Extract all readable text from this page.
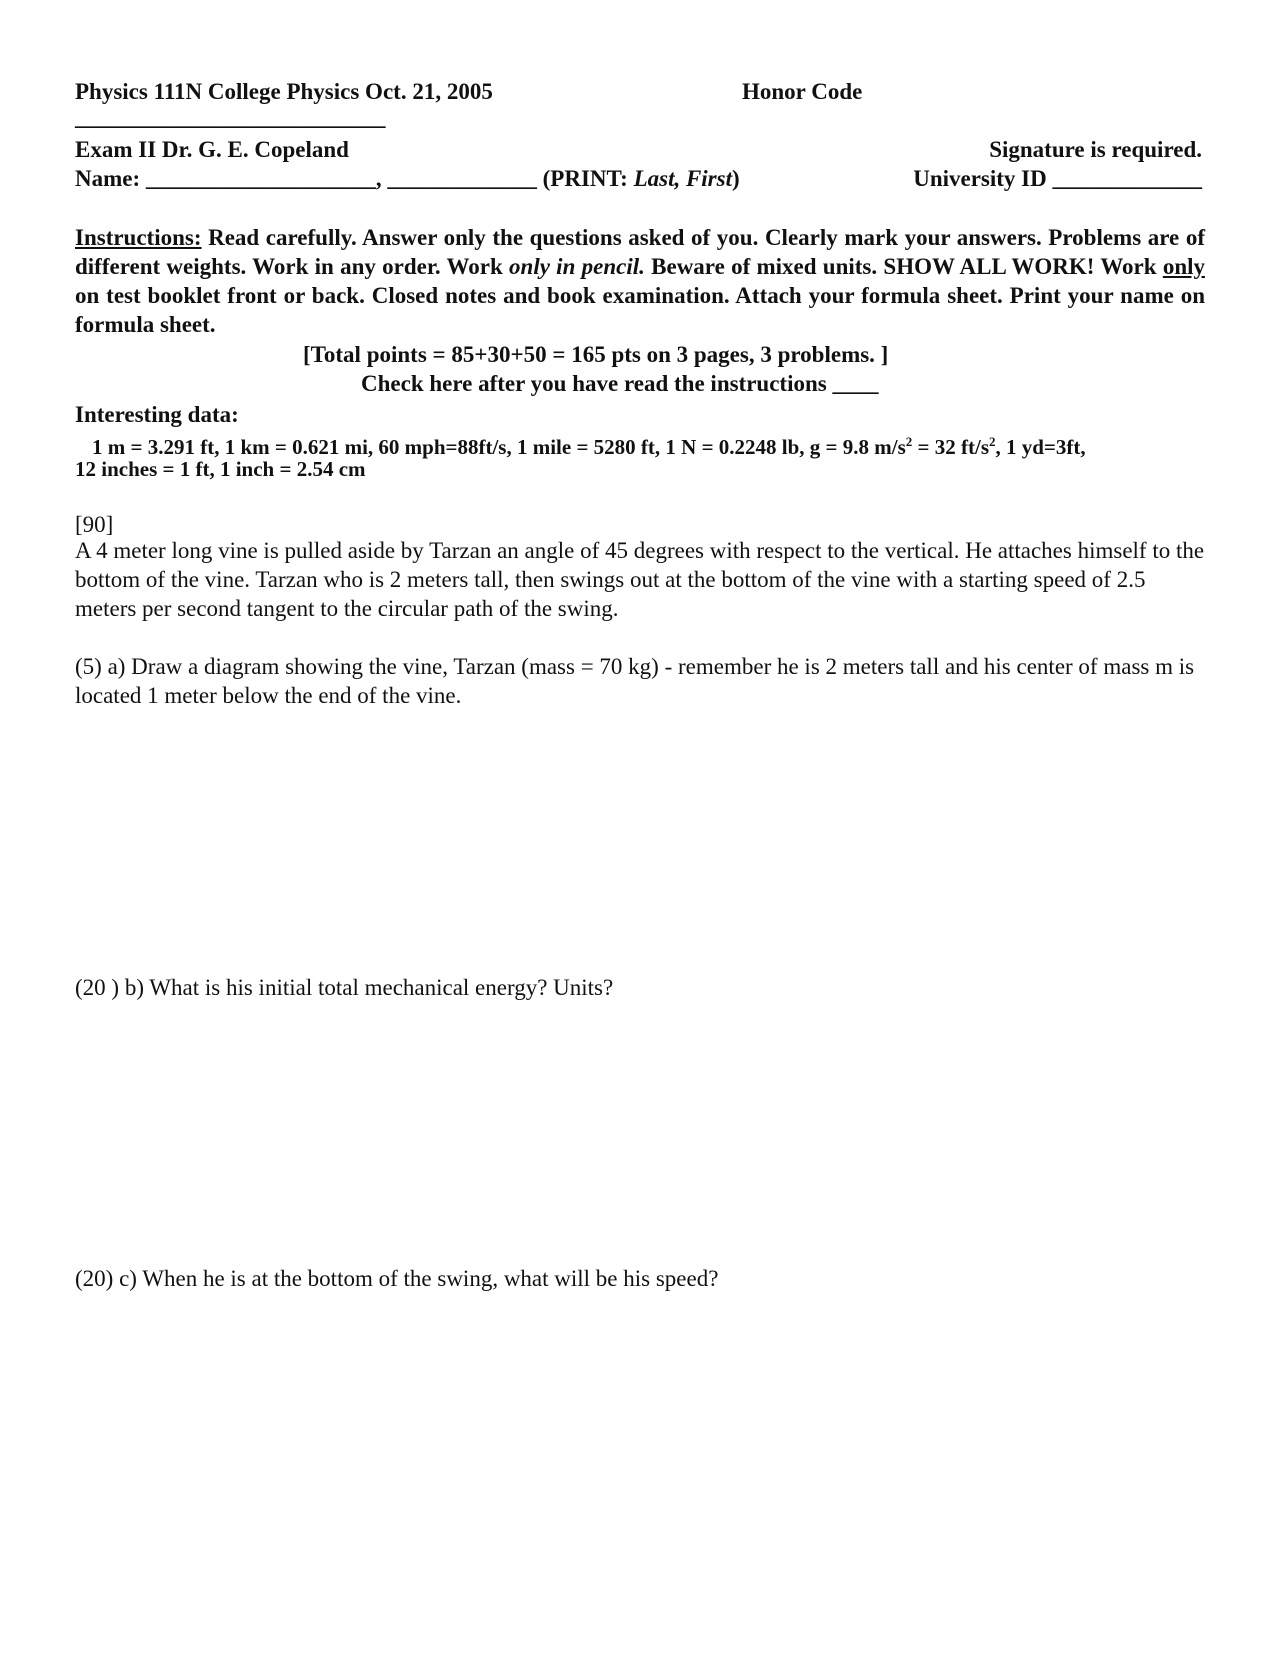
Physics 111N College Physics Oct. 21, 2005	Honor Code
___________________________
Exam II Dr. G. E. Copeland	Signature is required.
Name: ____________________, _____________ (PRINT: Last, First)	University ID _____________
Instructions: Read carefully. Answer only the questions asked of you. Clearly mark your answers. Problems are of different weights. Work in any order. Work only in pencil. Beware of mixed units. SHOW ALL WORK! Work only on test booklet front or back. Closed notes and book examination. Attach your formula sheet. Print your name on formula sheet.
[Total points = 85+30+50 = 165 pts on 3 pages, 3 problems. ]
Check here after you have read the instructions ____
Interesting data:
1 m = 3.291 ft, 1 km = 0.621 mi, 60 mph=88ft/s, 1 mile = 5280 ft, 1 N = 0.2248 lb, g = 9.8 $m/s^2 = 32$ $ft/s^2$, 1 yd=3ft,
12 inches = 1 ft, 1 inch = 2.54 cm
[90]
A 4 meter long vine is pulled aside by Tarzan an angle of 45 degrees with respect to the vertical. He attaches himself to the bottom of the vine. Tarzan who is 2 meters tall, then swings out at the bottom of the vine with a starting speed of 2.5 meters per second tangent to the circular path of the swing.
(5) a) Draw a diagram showing the vine, Tarzan (mass = 70 kg) - remember he is 2 meters tall and his center of mass m is located 1 meter below the end of the vine.
(20 ) b) What is his initial total mechanical energy? Units?
(20) c) When he is at the bottom of the swing, what will be his speed?
